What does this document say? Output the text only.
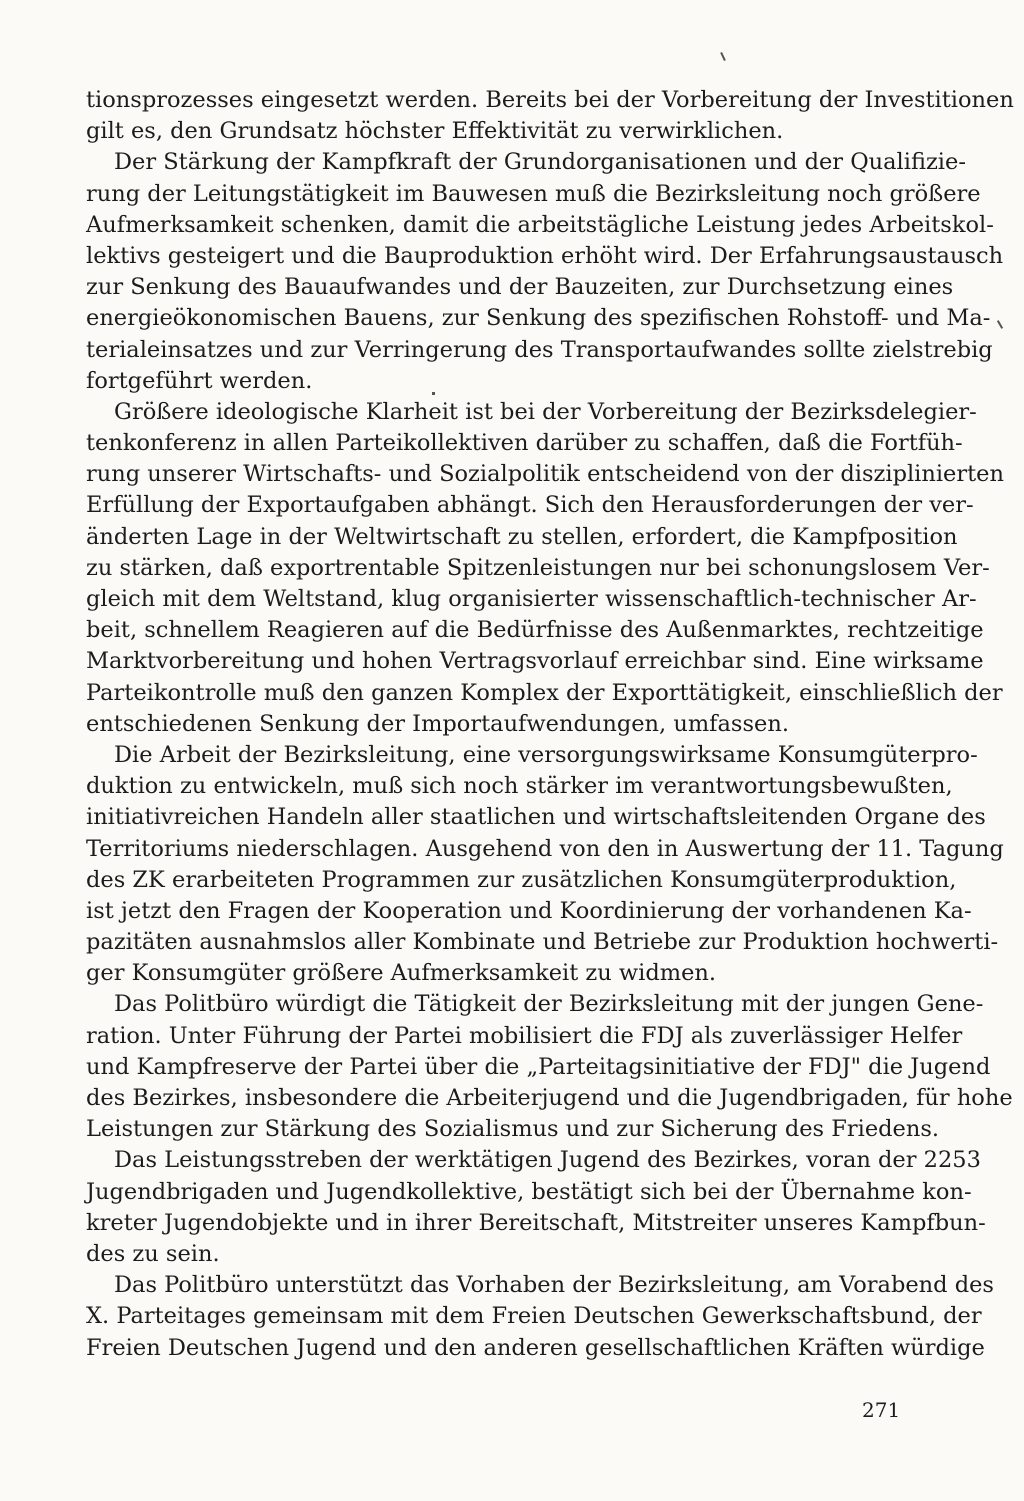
tionsprozesses eingesetzt werden. Bereits bei der Vorbereitung der Investitionen
gilt es, den Grundsatz höchster Effektivität zu verwirklichen.
Der Stärkung der Kampfkraft der Grundorganisationen und der Qualifizie-
rung der Leitungstätigkeit im Bauwesen muß die Bezirksleitung noch größere
Aufmerksamkeit schenken, damit die arbeitstägliche Leistung jedes Arbeitskol-
lektivs gesteigert und die Bauproduktion erhöht wird. Der Erfahrungsaustausch
zur Senkung des Bauaufwandes und der Bauzeiten, zur Durchsetzung eines
energieökonomischen Bauens, zur Senkung des spezifischen Rohstoff- und Ma-
terialeinsatzes und zur Verringerung des Transportaufwandes sollte zielstrebig
fortgeführt werden.
Größere ideologische Klarheit ist bei der Vorbereitung der Bezirksdelegier-
tenkonferenz in allen Parteikollektiven darüber zu schaffen, daß die Fortfüh-
rung unserer Wirtschafts- und Sozialpolitik entscheidend von der disziplinierten
Erfüllung der Exportaufgaben abhängt. Sich den Herausforderungen der ver-
änderten Lage in der Weltwirtschaft zu stellen, erfordert, die Kampfposition
zu stärken, daß exportrentable Spitzenleistungen nur bei schonungslosem Ver-
gleich mit dem Weltstand, klug organisierter wissenschaftlich-technischer Ar-
beit, schnellem Reagieren auf die Bedürfnisse des Außenmarktes, rechtzeitige
Marktvorbereitung und hohen Vertragsvorlauf erreichbar sind. Eine wirksame
Parteikontrolle muß den ganzen Komplex der Exporttätigkeit, einschließlich der
entschiedenen Senkung der Importaufwendungen, umfassen.
Die Arbeit der Bezirksleitung, eine versorgungswirksame Konsumgüterpro-
duktion zu entwickeln, muß sich noch stärker im verantwortungsbewußten,
initiativreichen Handeln aller staatlichen und wirtschaftsleitenden Organe des
Territoriums niederschlagen. Ausgehend von den in Auswertung der 11. Tagung
des ZK erarbeiteten Programmen zur zusätzlichen Konsumgüterproduktion,
ist jetzt den Fragen der Kooperation und Koordinierung der vorhandenen Ka-
pazitäten ausnahmslos aller Kombinate und Betriebe zur Produktion hochwerti-
ger Konsumgüter größere Aufmerksamkeit zu widmen.
Das Politbüro würdigt die Tätigkeit der Bezirksleitung mit der jungen Gene-
ration. Unter Führung der Partei mobilisiert die FDJ als zuverlässiger Helfer
und Kampfreserve der Partei über die „Parteitagsinitiative der FDJ" die Jugend
des Bezirkes, insbesondere die Arbeiterjugend und die Jugendbrigaden, für hohe
Leistungen zur Stärkung des Sozialismus und zur Sicherung des Friedens.
Das Leistungsstreben der werktätigen Jugend des Bezirkes, voran der 2253
Jugendbrigaden und Jugendkollektive, bestätigt sich bei der Übernahme kon-
kreter Jugendobjekte und in ihrer Bereitschaft, Mitstreiter unseres Kampfbun-
des zu sein.
Das Politbüro unterstützt das Vorhaben der Bezirksleitung, am Vorabend des
X. Parteitages gemeinsam mit dem Freien Deutschen Gewerkschaftsbund, der
Freien Deutschen Jugend und den anderen gesellschaftlichen Kräften würdige
271
